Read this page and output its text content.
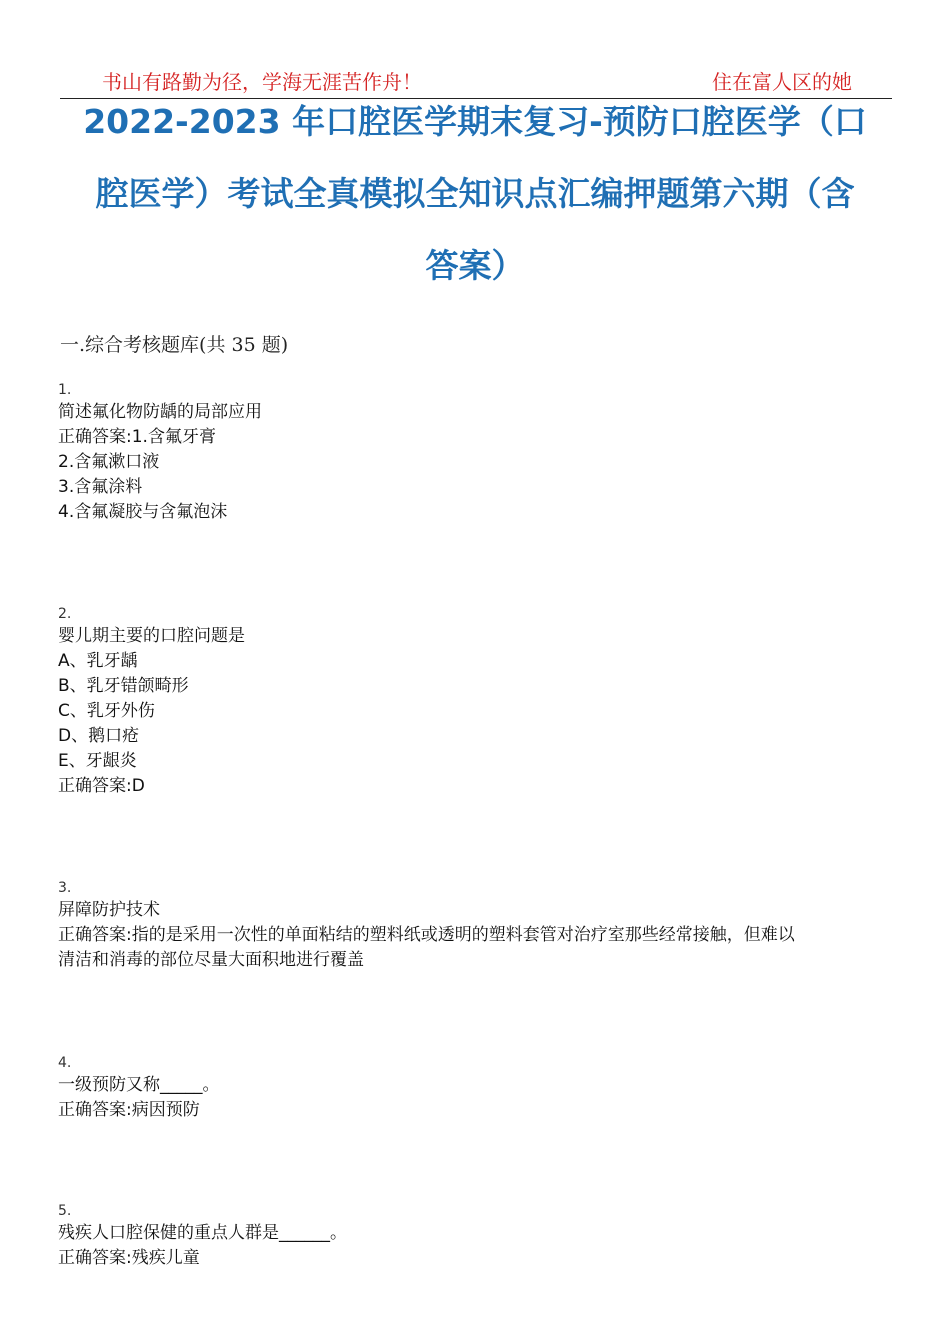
书山有路勤为径，学海无涯苦作舟！	住在富人区的她
2022-2023 年口腔医学期末复习-预防口腔医学（口
腔医学）考试全真模拟全知识点汇编押题第六期（含
答案）
一.综合考核题库(共 35 题)
1.
简述氟化物防龋的局部应用
正确答案:1.含氟牙膏
2.含氟漱口液
3.含氟涂料
4.含氟凝胶与含氟泡沫
2.
婴儿期主要的口腔问题是
A、乳牙龋
B、乳牙错颌畸形
C、乳牙外伤
D、鹅口疮
E、牙龈炎
正确答案:D
3.
屏障防护技术
正确答案:指的是采用一次性的单面粘结的塑料纸或透明的塑料套管对治疗室那些经常接触，但难以
清洁和消毒的部位尽量大面积地进行覆盖
4.
一级预防又称_____。
正确答案:病因预防
5.
残疾人口腔保健的重点人群是______。
正确答案:残疾儿童
